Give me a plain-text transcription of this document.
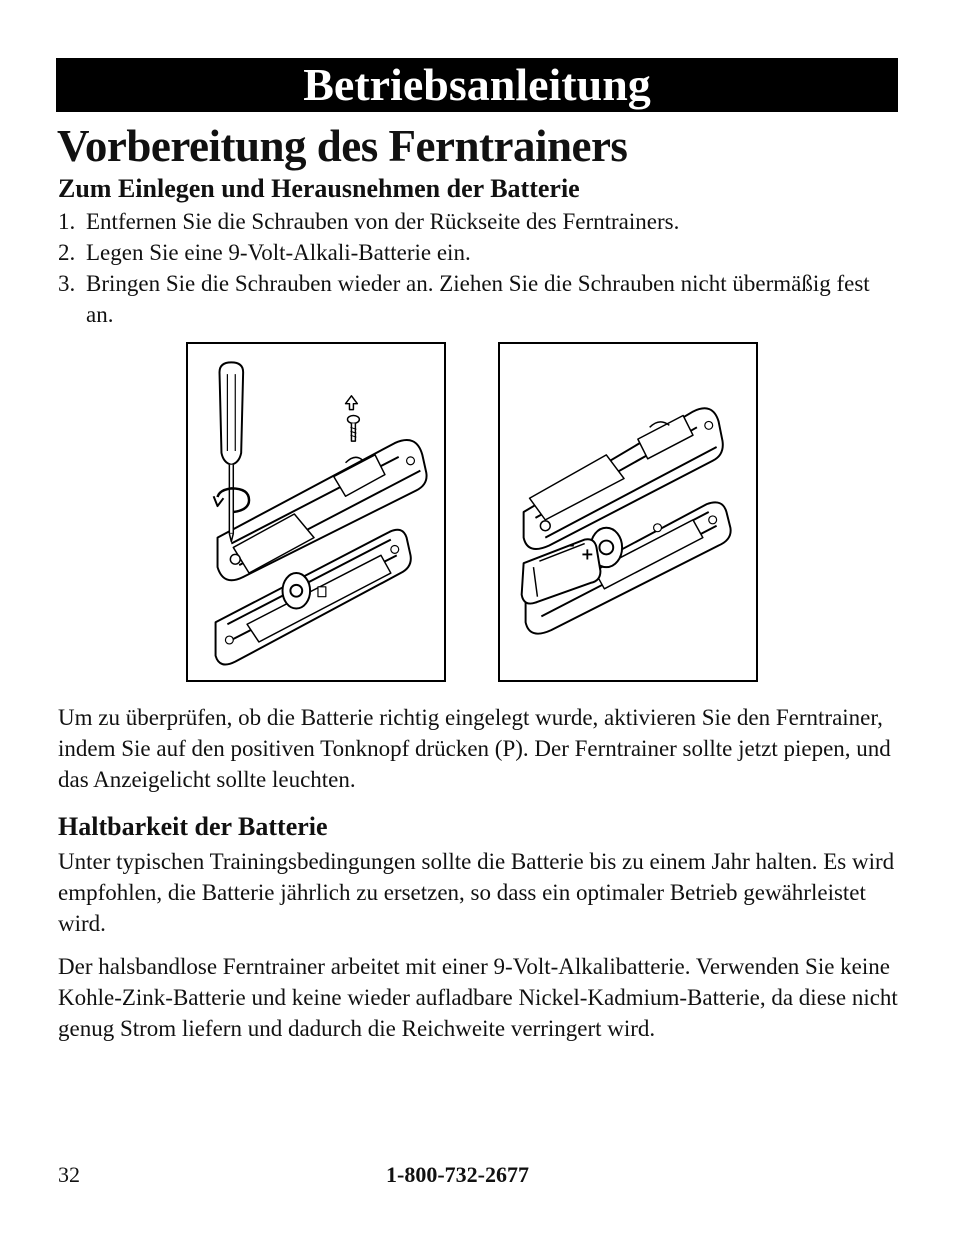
Betriebsanleitung
Vorbereitung des Ferntrainers
Zum Einlegen und Herausnehmen der Batterie
1. Entfernen Sie die Schrauben von der Rückseite des Ferntrainers.
2. Legen Sie eine 9-Volt-Alkali-Batterie ein.
3. Bringen Sie die Schrauben wieder an. Ziehen Sie die Schrauben nicht übermäßig fest an.
+
-

Um zu überprüfen, ob die Batterie richtig eingelegt wurde, aktivieren Sie den Ferntrainer, indem Sie auf den positiven Tonknopf drücken (P). Der Ferntrainer sollte jetzt piepen, und das Anzeigelicht sollte leuchten.

Haltbarkeit der Batterie

Unter typischen Trainingsbedingungen sollte die Batterie bis zu einem Jahr halten. Es wird empfohlen, die Batterie jährlich zu ersetzen, so dass ein optimaler Betrieb gewährleistet wird.

Der halsbandlose Ferntrainer arbeitet mit einer 9-Volt-Alkalibatterie. Verwenden Sie keine Kohle-Zink-Batterie und keine wieder aufladbare Nickel-Kadmium-Batterie, da diese nicht genug Strom liefern und dadurch die Reichweite verringert wird.

32	1-800-732-2677
